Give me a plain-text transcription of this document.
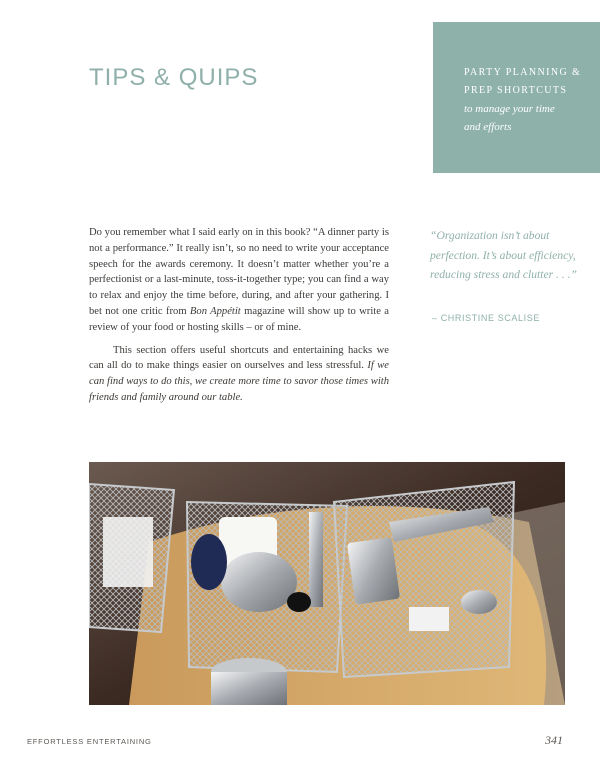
TIPS & QUIPS	PARTY PLANNING &
PREP SHORTCUTS
to manage your time
and efforts

Do you remember what I said early on in this book? “A dinner party is not a performance.” It really isn’t, so no need to write your acceptance speech for the awards ceremony. It doesn’t matter whether you’re a perfectionist or a last-minute, toss-it-together type; you can find a way to relax and enjoy the time before, during, and after your gathering. I bet not one critic from Bon Appétit magazine will show up to write a review of your food or hosting skills – or of mine.

This section offers useful shortcuts and entertaining hacks we can all do to make things easier on ourselves and less stressful. If we can find ways to do this, we create more time to savor those times with friends and family around our table.

“Organization isn’t about perfection. It’s about efficiency, reducing stress and clutter . . .”
– CHRISTINE SCALISE
EFFORTLESS ENTERTAINING	341
